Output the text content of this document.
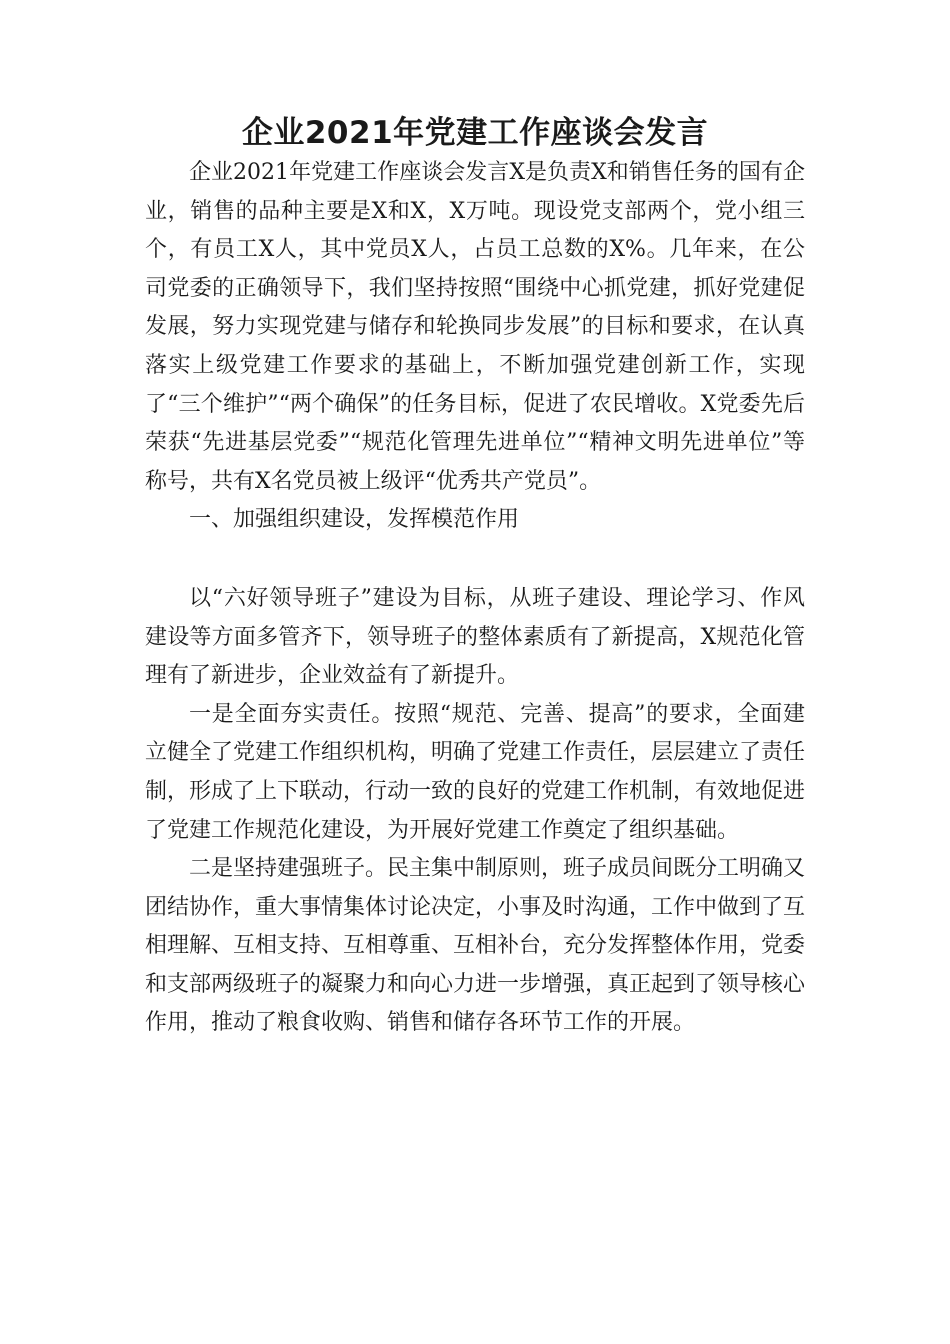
企业2021年党建工作座谈会发言

企业2021年党建工作座谈会发言X是负责X和销售任务的国有企业，销售的品种主要是X和X，X万吨。现设党支部两个，党小组三个，有员工X人，其中党员X人，占员工总数的X%。几年来，在公司党委的正确领导下，我们坚持按照“围绕中心抓党建，抓好党建促发展，努力实现党建与储存和轮换同步发展”的目标和要求，在认真落实上级党建工作要求的基础上，不断加强党建创新工作，实现了“三个维护”“两个确保”的任务目标，促进了农民增收。X党委先后荣获“先进基层党委”“规范化管理先进单位”“精神文明先进单位”等称号，共有X名党员被上级评“优秀共产党员”。

一、加强组织建设，发挥模范作用

以“六好领导班子”建设为目标，从班子建设、理论学习、作风建设等方面多管齐下，领导班子的整体素质有了新提高，X规范化管理有了新进步，企业效益有了新提升。

一是全面夯实责任。按照“规范、完善、提高”的要求，全面建立健全了党建工作组织机构，明确了党建工作责任，层层建立了责任制，形成了上下联动，行动一致的良好的党建工作机制，有效地促进了党建工作规范化建设，为开展好党建工作奠定了组织基础。

二是坚持建强班子。民主集中制原则，班子成员间既分工明确又团结协作，重大事情集体讨论决定，小事及时沟通，工作中做到了互相理解、互相支持、互相尊重、互相补台，充分发挥整体作用，党委和支部两级班子的凝聚力和向心力进一步增强，真正起到了领导核心作用，推动了粮食收购、销售和储存各环节工作的开展。
